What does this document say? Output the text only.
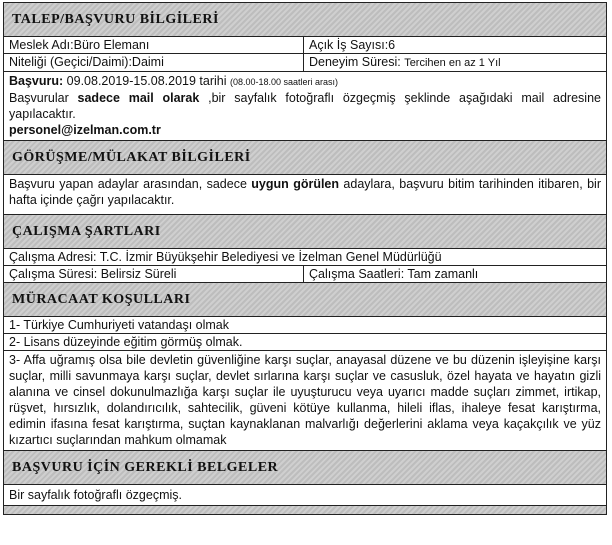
TALEP/BAŞVURU BİLGİLERİ
Meslek Adı:Büro Elemanı	Açık İş Sayısı:6
Niteliği (Geçici/Daimi):Daimi	Deneyim Süresi: Tercihen en az 1 Yıl
Başvuru: 09.08.2019-15.08.2019 tarihi (08.00-18.00 saatleri arası)
Başvurular sadece mail olarak ,bir sayfalık fotoğraflı özgeçmiş şeklinde aşağıdaki mail adresine yapılacaktır.
personel@izelman.com.tr
GÖRÜŞME/MÜLAKAT BİLGİLERİ
Başvuru yapan adaylar arasından, sadece uygun görülen adaylara, başvuru bitim tarihinden itibaren, bir hafta içinde çağrı yapılacaktır.
ÇALIŞMA ŞARTLARI
Çalışma Adresi: T.C. İzmir Büyükşehir Belediyesi ve İzelman Genel Müdürlüğü
Çalışma Süresi: Belirsiz Süreli	Çalışma Saatleri: Tam zamanlı
MÜRACAAT KOŞULLARI
1- Türkiye Cumhuriyeti vatandaşı olmak
2- Lisans düzeyinde eğitim görmüş olmak.
3- Affa uğramış olsa bile devletin güvenliğine karşı suçlar, anayasal düzene ve bu düzenin işleyişine karşı suçlar, milli savunmaya karşı suçlar, devlet sırlarına karşı suçlar ve casusluk, özel hayata ve hayatın gizli alanına ve cinsel dokunulmazlığa karşı suçlar ile uyuşturucu veya uyarıcı madde suçları zimmet, irtikap, rüşvet, hırsızlık, dolandırıcılık, sahtecilik, güveni kötüye kullanma, hileli iflas, ihaleye fesat karıştırma, edimin ifasına fesat karıştırma, suçtan kaynaklanan malvarlığı değerlerini aklama veya kaçakçılık ve yüz kızartıcı suçlarından mahkum olmamak
BAŞVURU İÇİN GEREKLİ BELGELER
Bir sayfalık fotoğraflı özgeçmiş.
